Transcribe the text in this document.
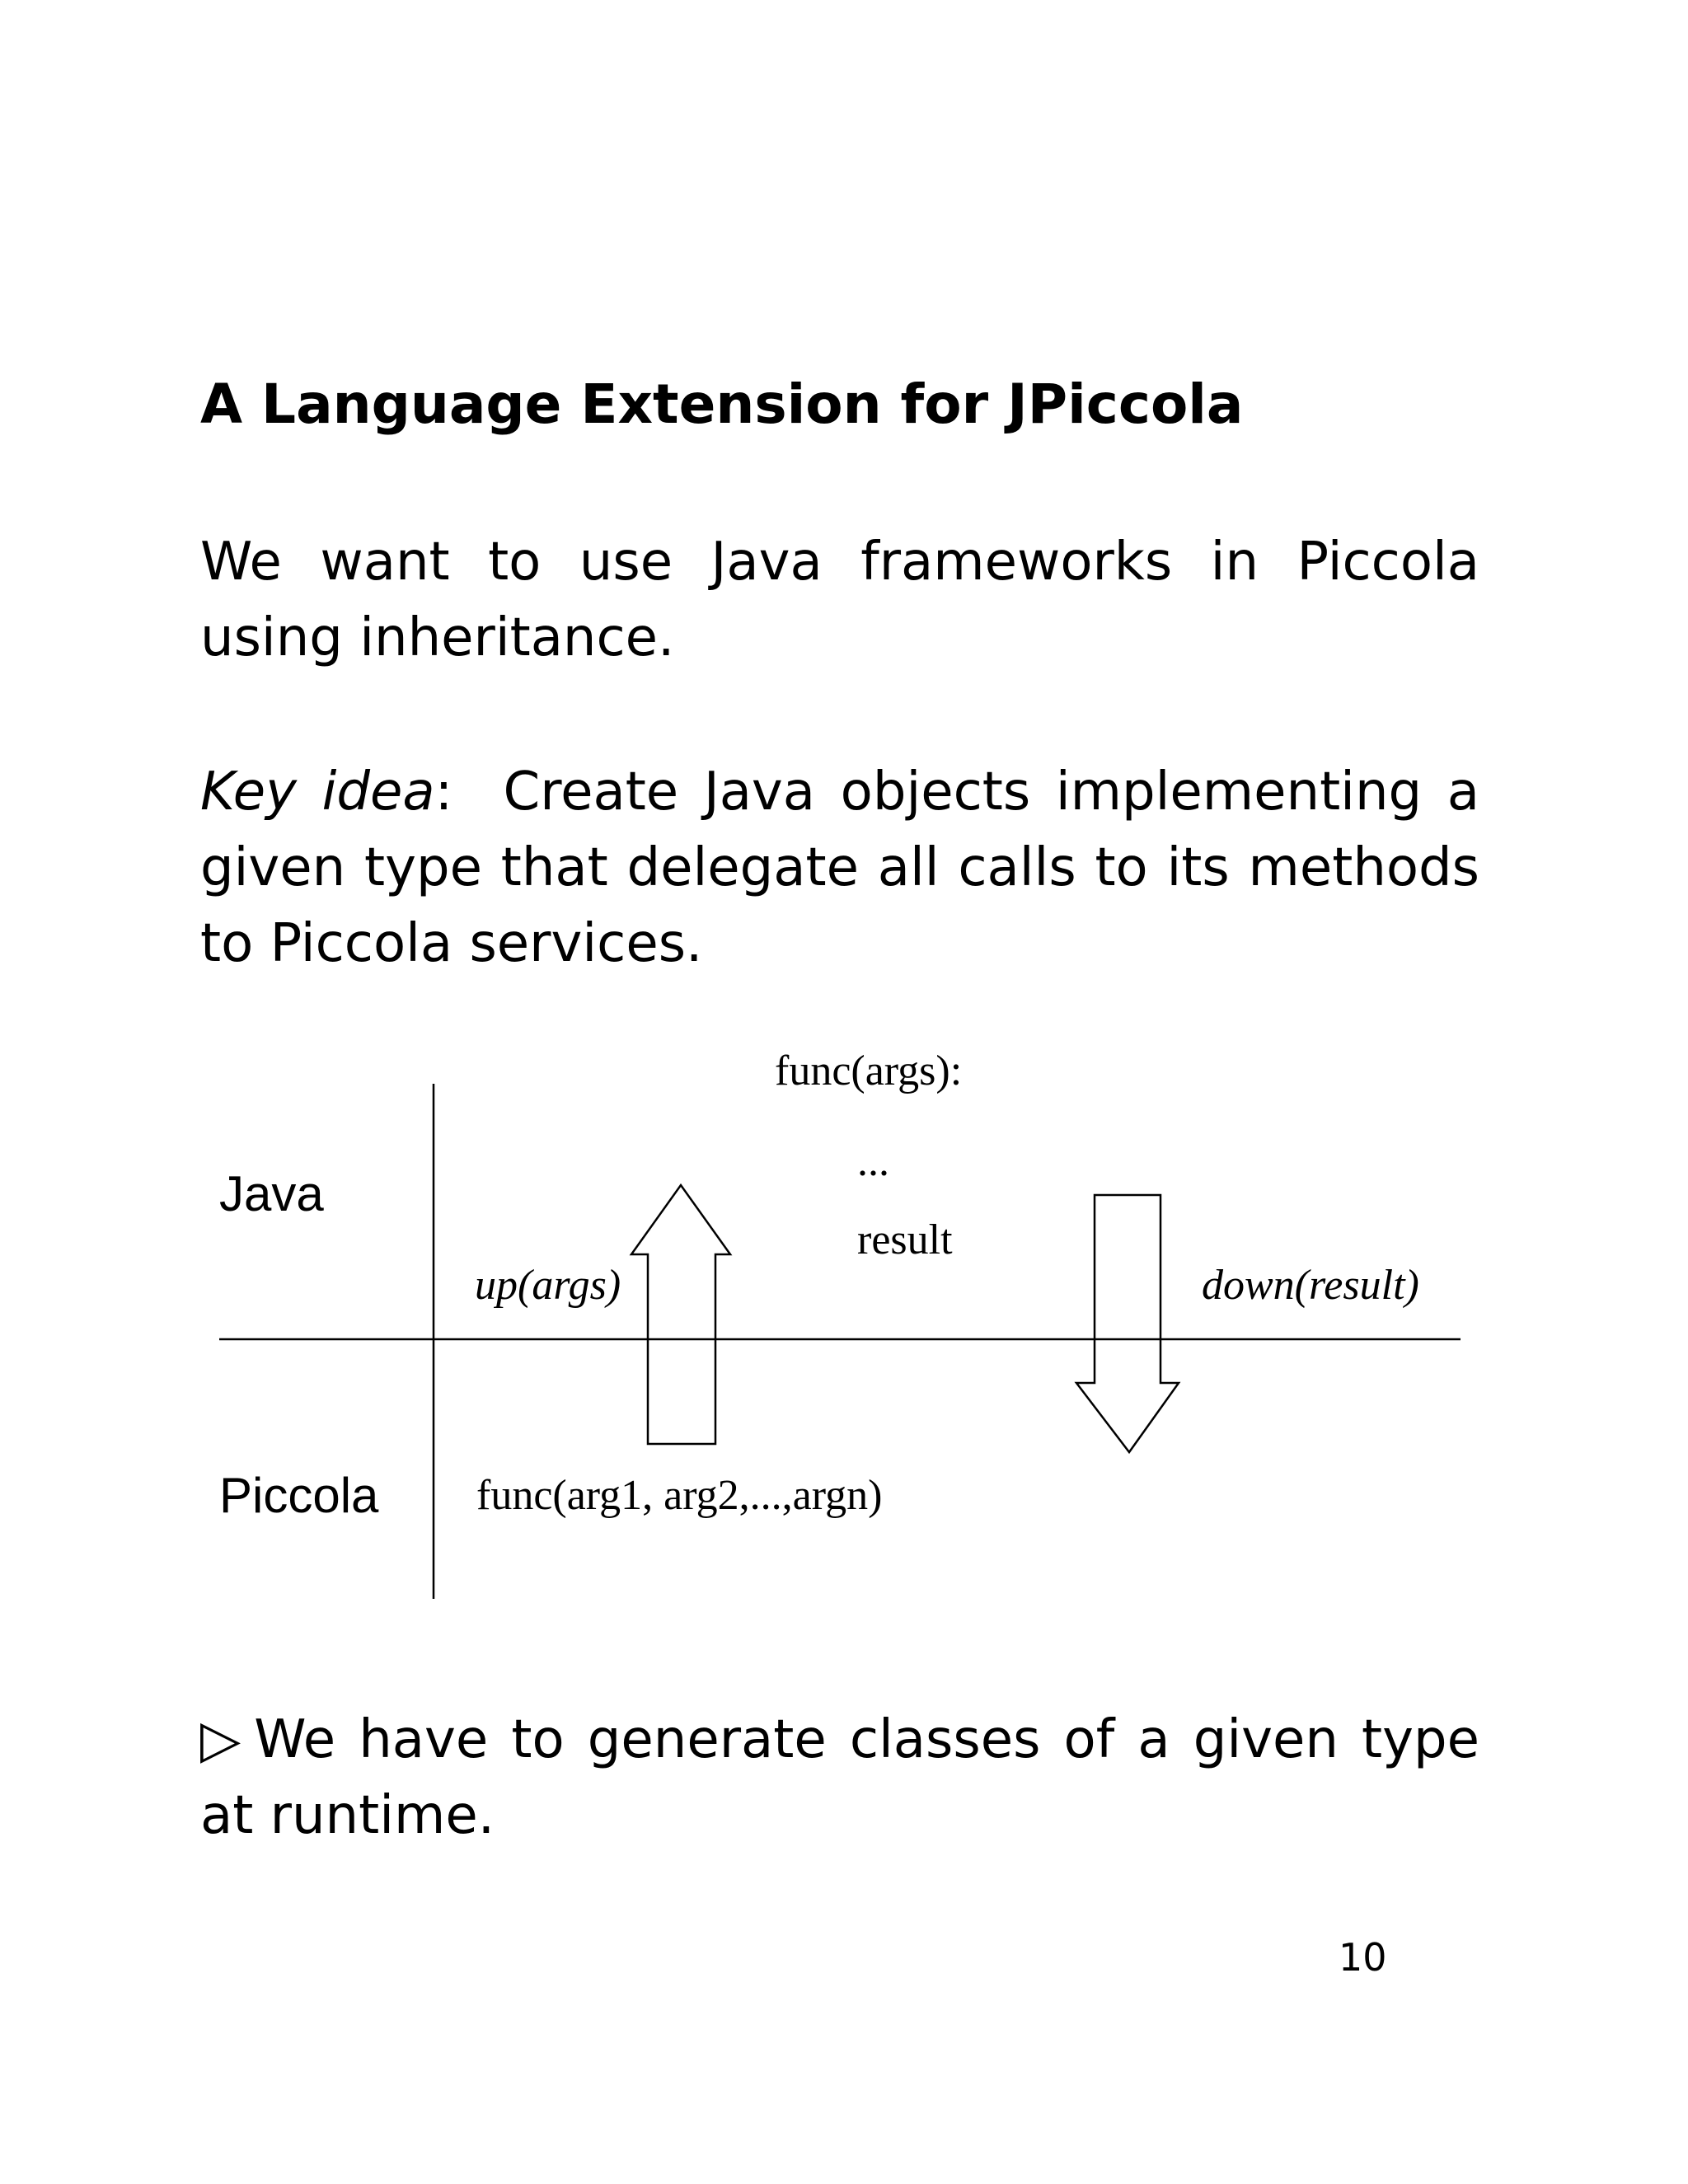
A Language Extension for JPiccola

We want to use Java frameworks in Piccola using inheritance.

Key idea: Create Java objects implementing a given type that delegate all calls to its methods to Piccola services.

Java
Piccola
func(args):
...
result
up(args)	down(result)
func(arg1, arg2,...,argn)

▷ We have to generate classes of a given type at runtime.

10
